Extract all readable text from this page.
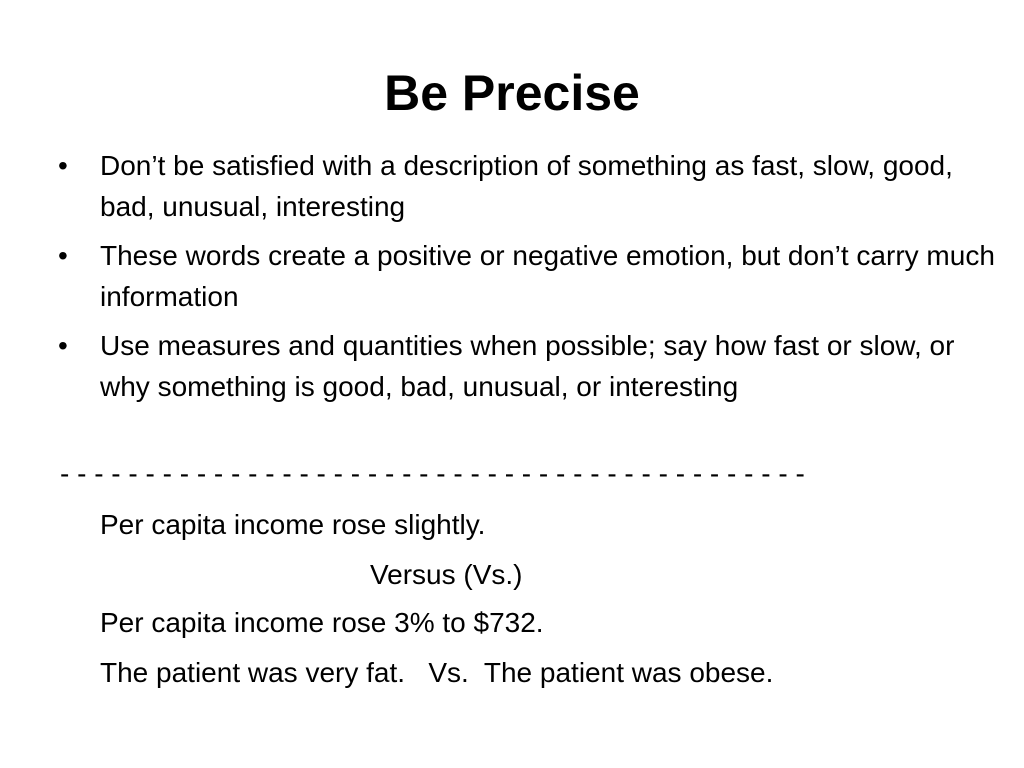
Be Precise
• Don’t be satisfied with a description of something as fast, slow, good, bad, unusual, interesting
• These words create a positive or negative emotion, but don’t carry much information
• Use measures and quantities when possible; say how fast or slow, or why something is good, bad, unusual, or interesting
- - - - - - - - - - - - - - - - - - - - - - - - - - - - - - - - - - - - - - - - - - - -
Per capita income rose slightly.
Versus (Vs.)
Per capita income rose 3% to $732.
The patient was very fat.   Vs.  The patient was obese.
